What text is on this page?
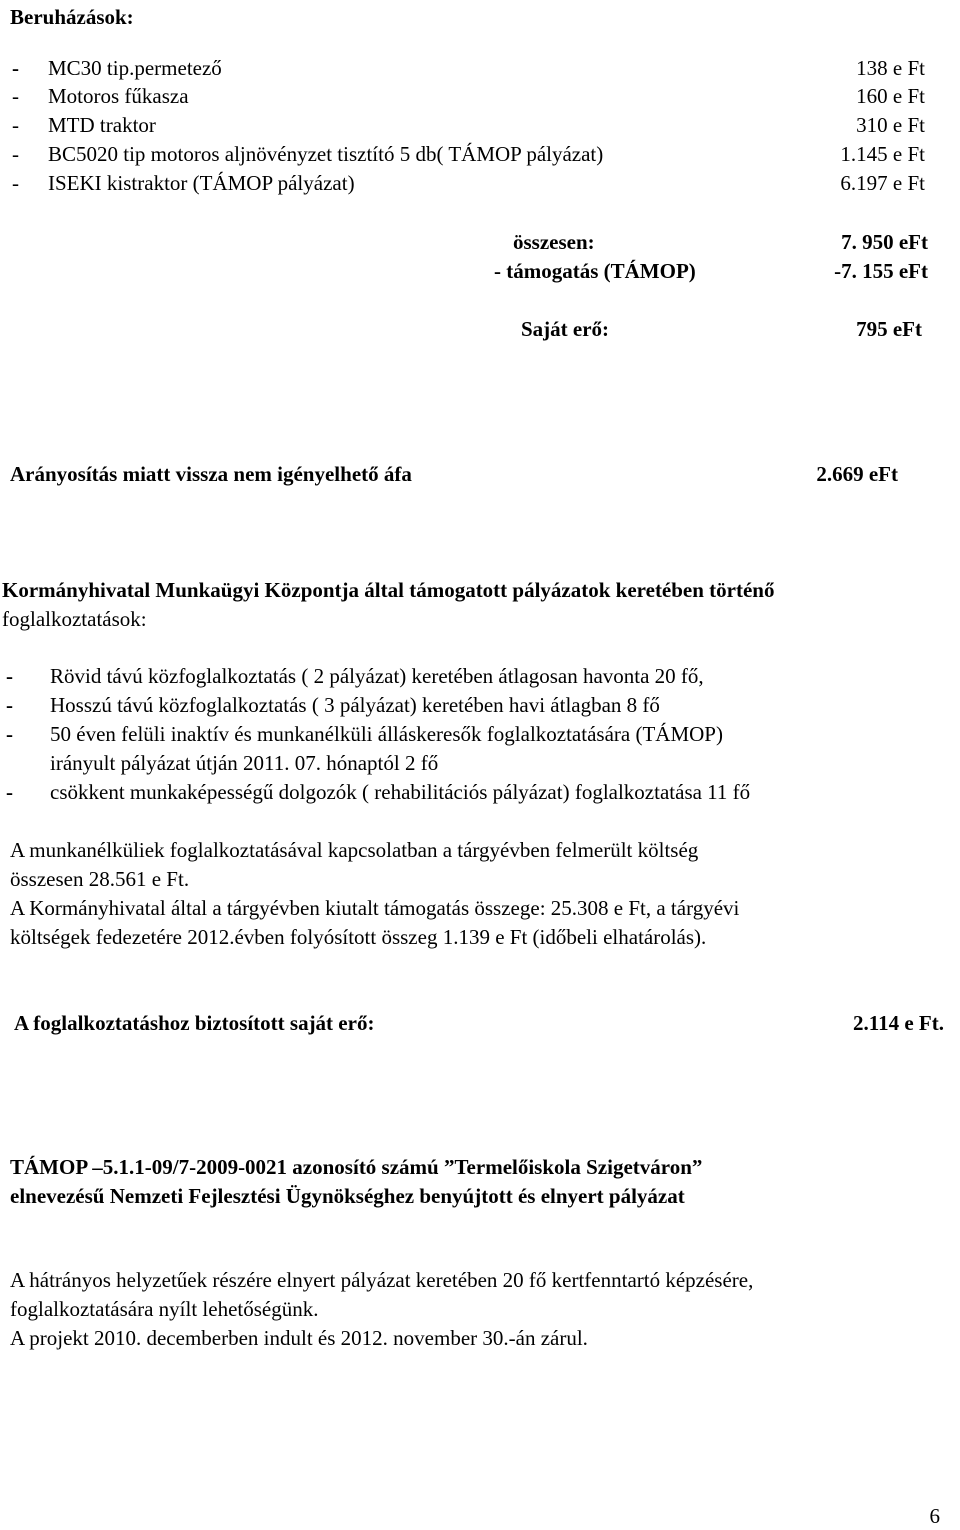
Beruházások:
- MC30 tip.permetező	138 e Ft
- Motoros fűkasza	160 e Ft
- MTD traktor	310 e Ft
- BC5020 tip motoros aljnövényzet tisztító 5 db( TÁMOP pályázat)	1.145 e Ft
- ISEKI kistraktor (TÁMOP pályázat)	6.197 e Ft
összesen:	7. 950 eFt
- támogatás (TÁMOP)	-7. 155 eFt
Saját erő:	795 eFt
Arányosítás miatt vissza nem igényelhető áfa	2.669 eFt
Kormányhivatal Munkaügyi Központja által támogatott pályázatok keretében történő
foglalkoztatások:
- Rövid távú közfoglalkoztatás ( 2 pályázat) keretében átlagosan havonta 20 fő,
- Hosszú távú közfoglalkoztatás ( 3 pályázat) keretében havi átlagban 8 fő
- 50 éven felüli inaktív és munkanélküli álláskeresők foglalkoztatására (TÁMOP)
irányult pályázat útján 2011. 07. hónaptól 2 fő
- csökkent munkaképességű dolgozók ( rehabilitációs pályázat) foglalkoztatása 11 fő
A munkanélküliek foglalkoztatásával kapcsolatban a tárgyévben felmerült költség
összesen 28.561 e Ft.
A Kormányhivatal által a tárgyévben kiutalt támogatás összege: 25.308 e Ft, a tárgyévi
költségek fedezetére 2012.évben folyósított összeg 1.139 e Ft (időbeli elhatárolás).
A foglalkoztatáshoz biztosított saját erő:	2.114 e Ft.
TÁMOP –5.1.1-09/7-2009-0021 azonosító számú ”Termelőiskola Szigetváron”
elnevezésű Nemzeti Fejlesztési Ügynökséghez benyújtott és elnyert pályázat
A hátrányos helyzetűek részére elnyert pályázat keretében 20 fő kertfenntartó képzésére,
foglalkoztatására nyílt lehetőségünk.
A projekt 2010. decemberben indult és 2012. november 30.-án zárul.
6
